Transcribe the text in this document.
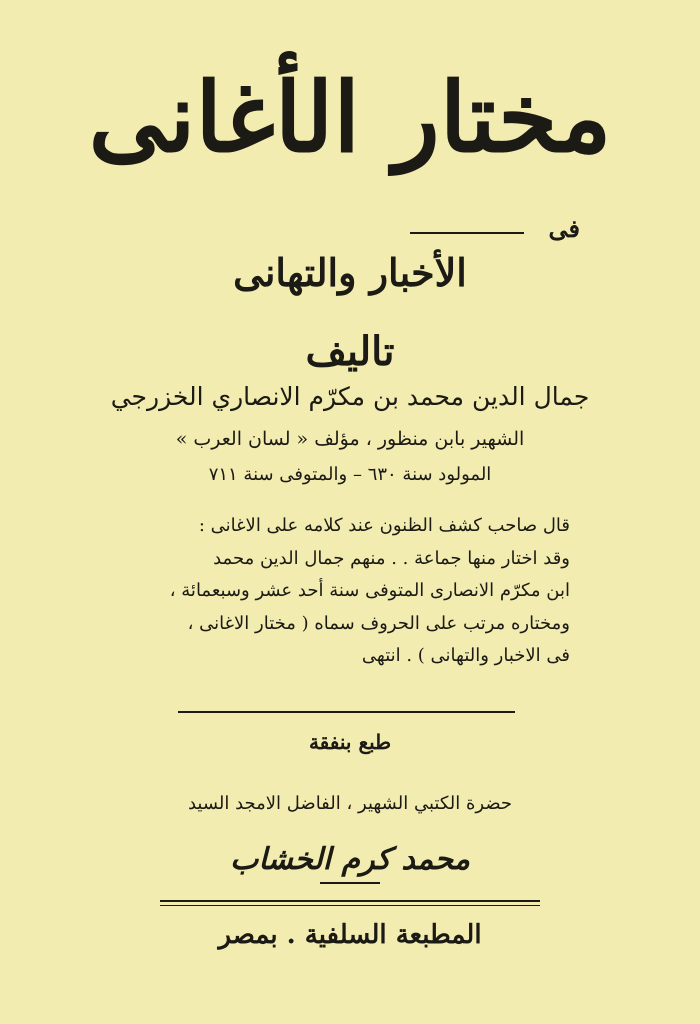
مختار الأغانى
فى
الأخبار والتهانى
تاليف
جمال الدين محمد بن مكرّم الانصاري الخزرجي
الشهير بابن منظور ، مؤلف « لسان العرب »
المولود سنة ٦٣٠ – والمتوفى سنة ٧١١
قال صاحب كشف الظنون عند كلامه على الاغانى :
وقد اختار منها جماعة . . منهم جمال الدين محمد
ابن مكرّم الانصارى المتوفى سنة أحد عشر وسبعمائة ،
ومختاره مرتب على الحروف سماه ( مختار الاغانى ،
فى الاخبار والتهانى ) . انتهى
طبع بنفقة
حضرة الكتبي الشهير ، الفاضل الامجد السيد
محمد كرم الخشاب
المطبعة السلفية . بمصر
